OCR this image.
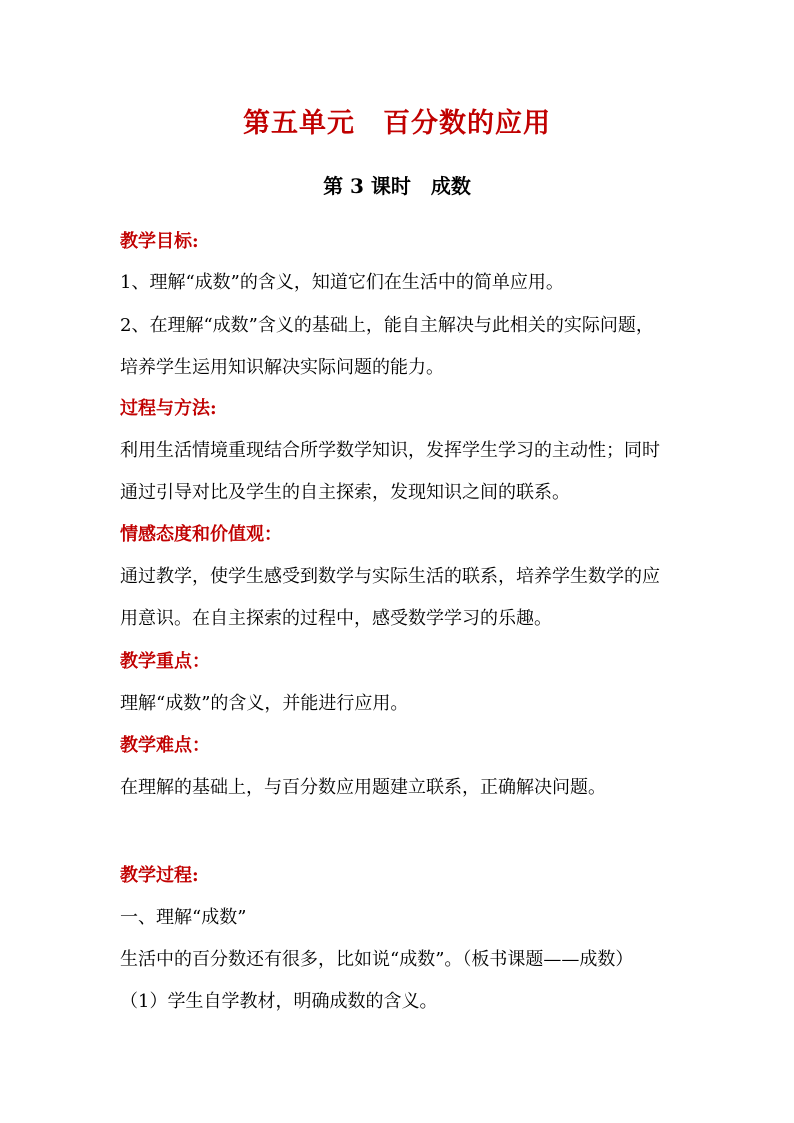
第五单元　百分数的应用
第 3 课时　成数
教学目标:
1、理解“成数”的含义，知道它们在生活中的简单应用。
2、在理解“成数”含义的基础上，能自主解决与此相关的实际问题，
培养学生运用知识解决实际问题的能力。
过程与方法:
利用生活情境重现结合所学数学知识，发挥学生学习的主动性；同时
通过引导对比及学生的自主探索，发现知识之间的联系。
情感态度和价值观：
通过教学，使学生感受到数学与实际生活的联系，培养学生数学的应
用意识。在自主探索的过程中，感受数学学习的乐趣。
教学重点：
理解“成数”的含义，并能进行应用。
教学难点：
在理解的基础上，与百分数应用题建立联系，正确解决问题。
教学过程:
一、理解“成数”
生活中的百分数还有很多，比如说“成数”。（板书课题——成数）
（1）学生自学教材，明确成数的含义。
